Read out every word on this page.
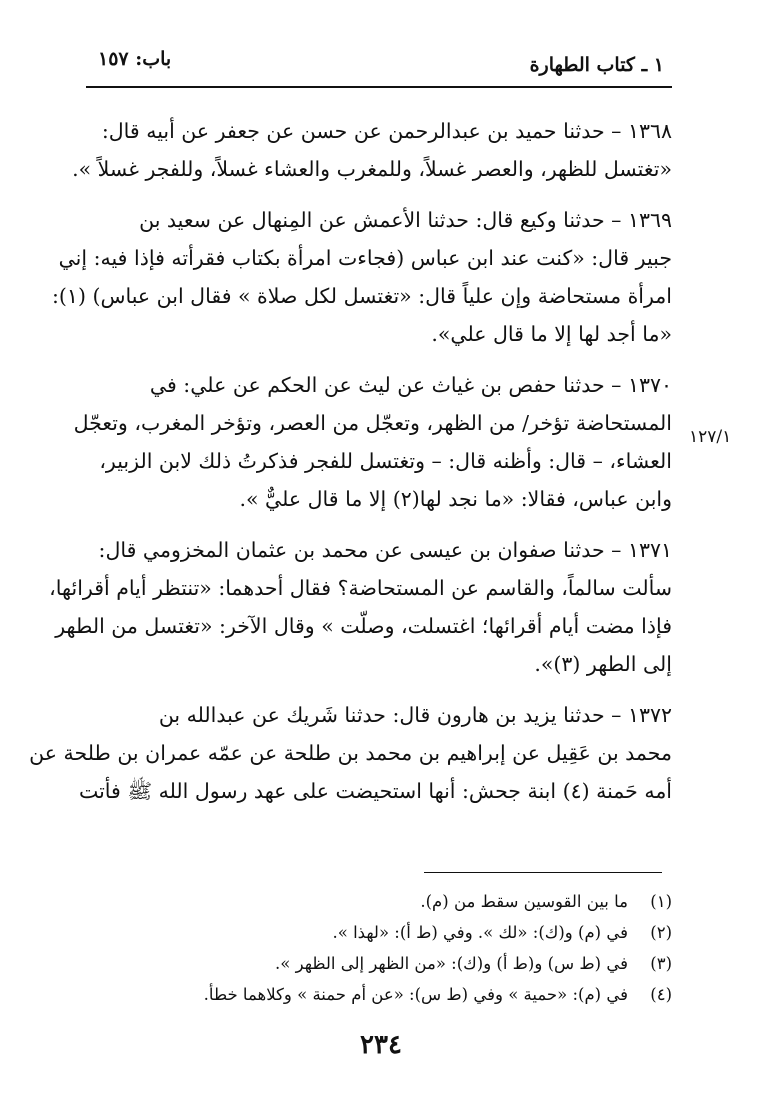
١ ـ كتاب الطهارة
باب: ١٥٧
١٢٧/١
١٣٦٨ – حدثنا حميد بن عبدالرحمن عن حسن عن جعفر عن أبيه قال:
«تغتسل للظهر، والعصر غسلاً، وللمغرب والعشاء غسلاً، وللفجر غسلاً ».
١٣٦٩ – حدثنا وكيع قال: حدثنا الأعمش عن المِنهال عن سعيد بن
جبير قال: «كنت عند ابن عباس (فجاءت امرأة بكتاب فقرأته فإذا فيه: إني
امرأة مستحاضة وإن علياً قال: «تغتسل لكل صلاة » فقال ابن عباس) (١):
«ما أجد لها إلا ما قال علي».
١٣٧٠ – حدثنا حفص بن غياث عن ليث عن الحكم عن علي: في
المستحاضة تؤخر/ من الظهر، وتعجّل من العصر، وتؤخر المغرب، وتعجّل
العشاء، – قال: وأظنه قال: – وتغتسل للفجر فذكرتُ ذلك لابن الزبير،
وابن عباس، فقالا: «ما نجد لها(٢) إلا ما قال عليٌّ ».
١٣٧١ – حدثنا صفوان بن عيسى عن محمد بن عثمان المخزومي قال:
سألت سالماً، والقاسم عن المستحاضة؟ فقال أحدهما: «تنتظر أيام أقرائها،
فإذا مضت أيام أقرائها؛ اغتسلت، وصلّت » وقال الآخر: «تغتسل من الطهر
إلى الطهر (٣)».
١٣٧٢ – حدثنا يزيد بن هارون قال: حدثنا شَريك عن عبدالله بن
محمد بن عَقِيل عن إبراهيم بن محمد بن طلحة عن عمّه عمران بن طلحة عن
أمه حَمنة (٤) ابنة جحش: أنها استحيضت على عهد رسول الله ﷺ فأتت
(١)ما بين القوسين سقط من (م).
(٢)في (م) و(ك): «لك ». وفي (ط أ): «لهذا ».
(٣)في (ط س) و(ط أ) و(ك): «من الظهر إلى الظهر ».
(٤)في (م): «حمية » وفي (ط س): «عن أم حمنة » وكلاهما خطأ.
٢٣٤
